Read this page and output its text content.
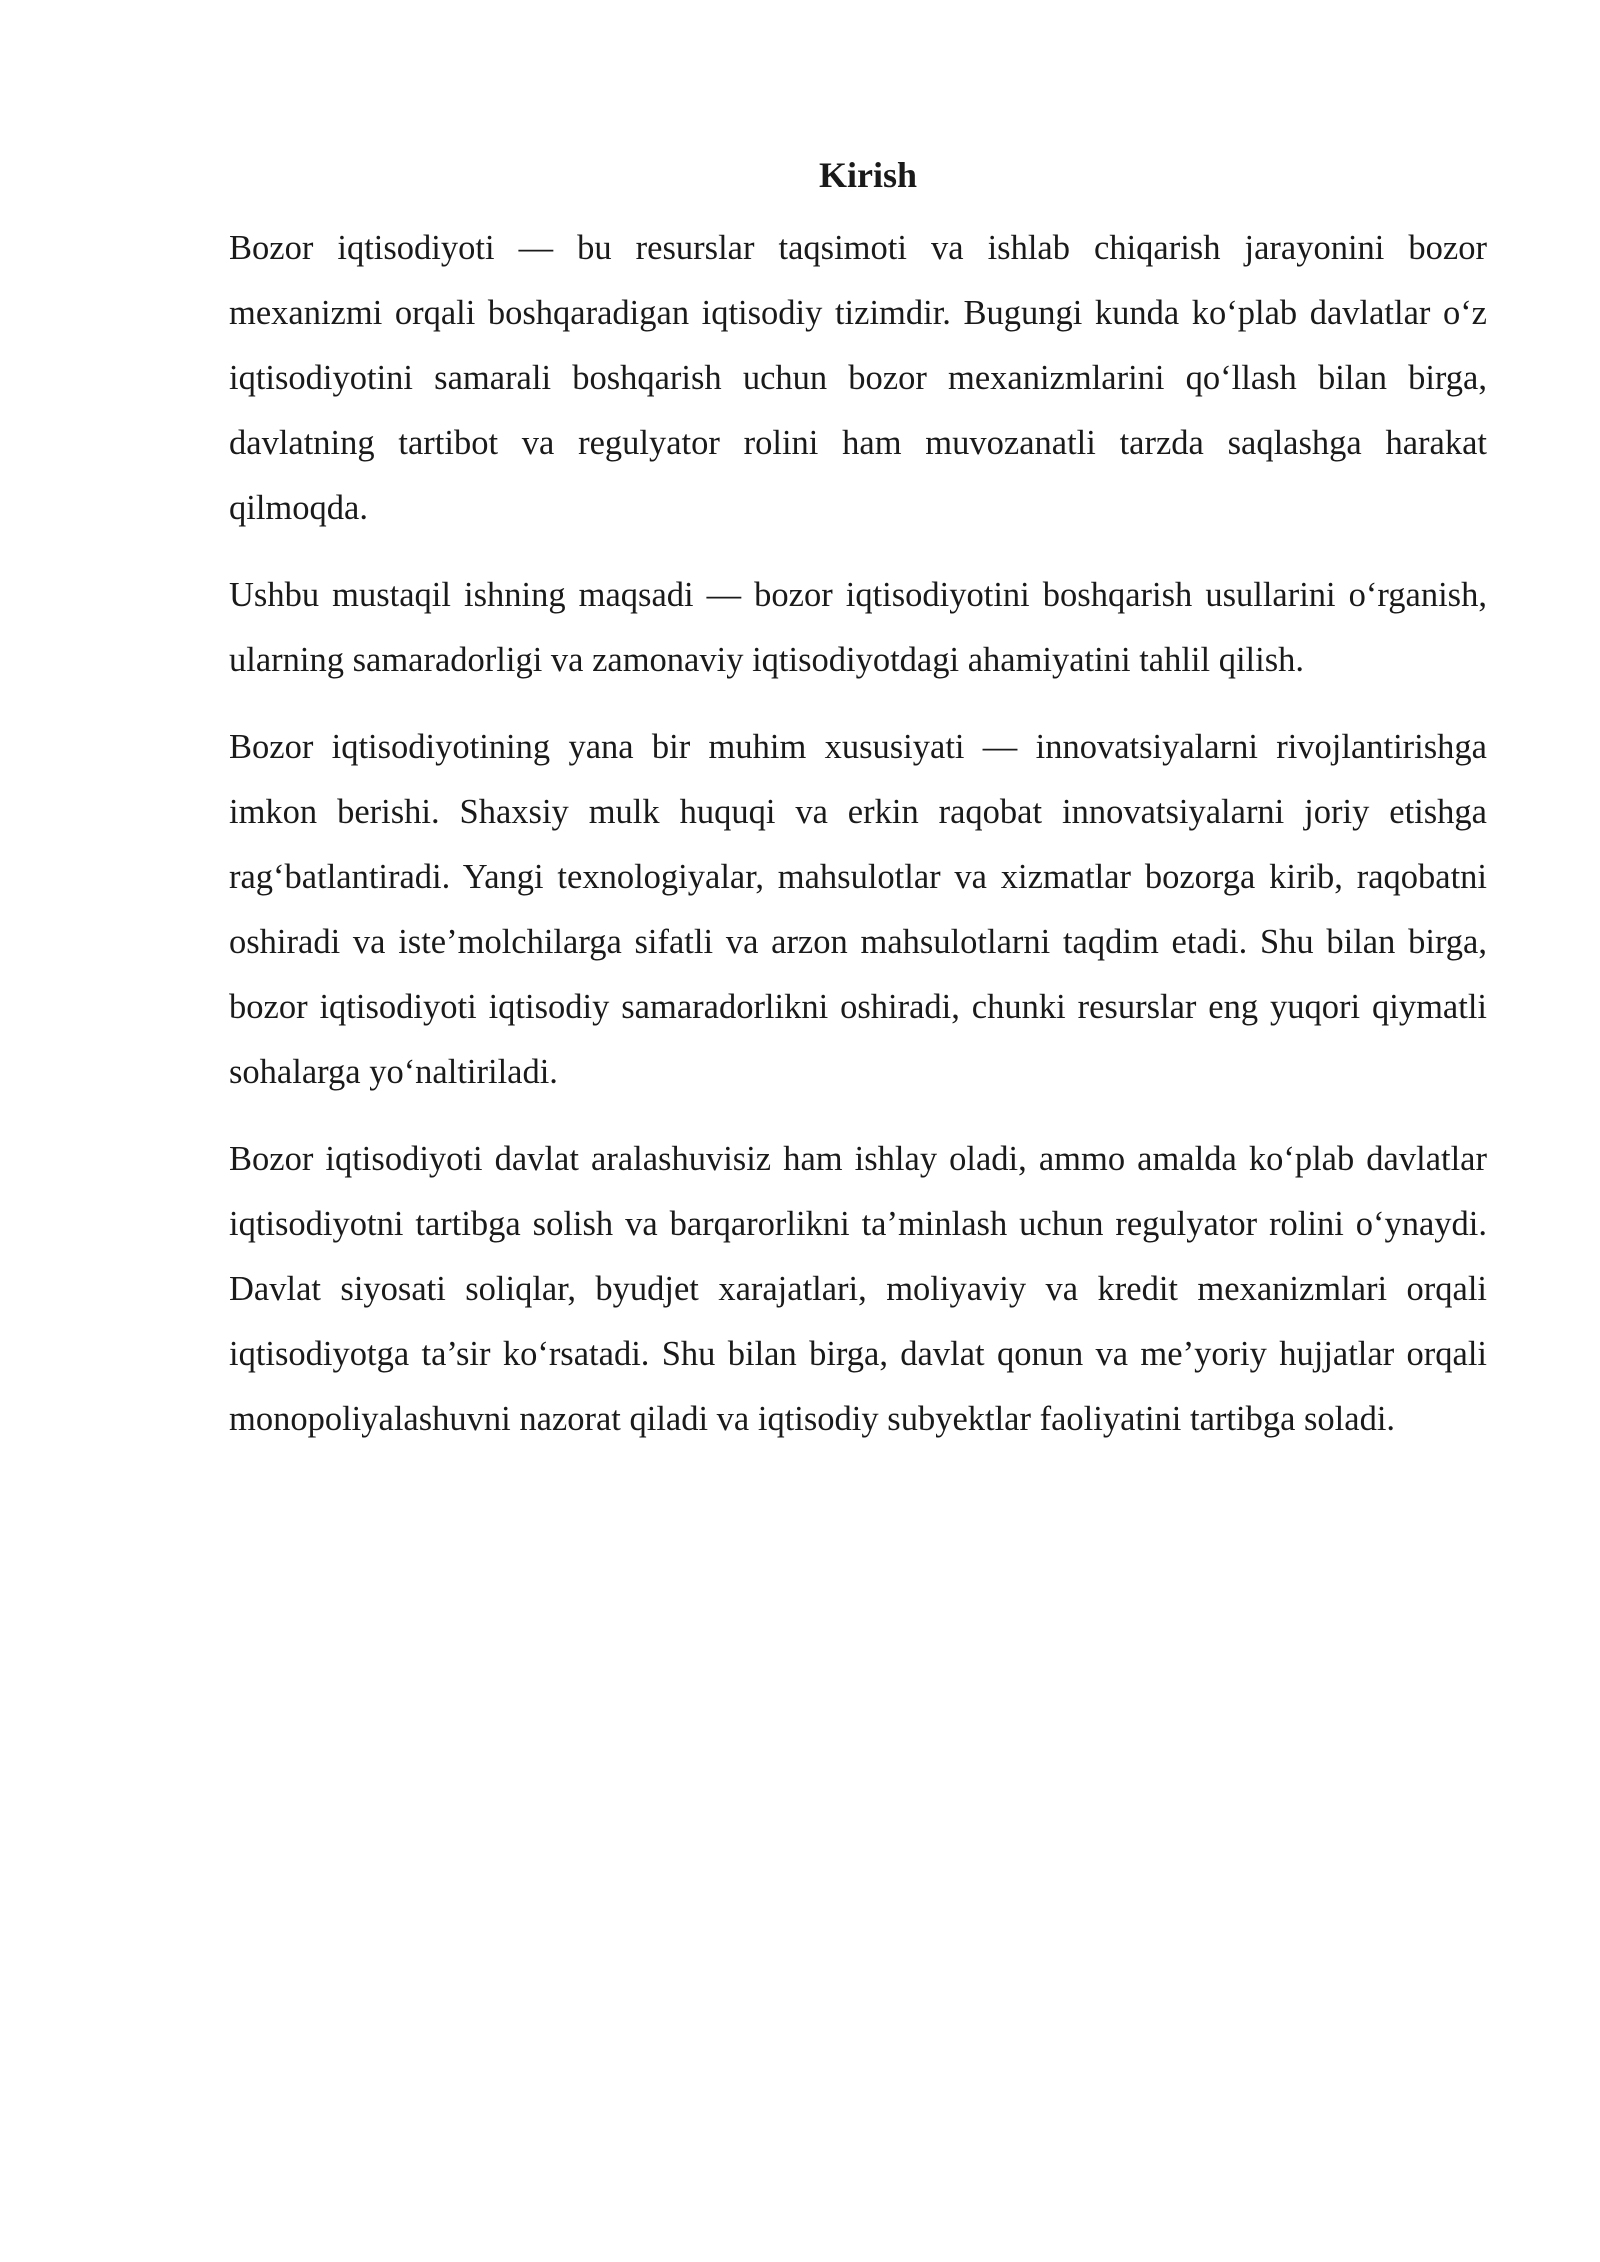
Kirish

Bozor iqtisodiyoti — bu resurslar taqsimoti va ishlab chiqarish jarayonini bozor mexanizmi orqali boshqaradigan iqtisodiy tizimdir. Bugungi kunda koʻplab davlatlar oʻz iqtisodiyotini samarali boshqarish uchun bozor mexanizmlarini qoʻllash bilan birga, davlatning tartibot va regulyator rolini ham muvozanatli tarzda saqlashga harakat qilmoqda.

Ushbu mustaqil ishning maqsadi — bozor iqtisodiyotini boshqarish usullarini oʻrganish, ularning samaradorligi va zamonaviy iqtisodiyotdagi ahamiyatini tahlil qilish.

Bozor iqtisodiyotining yana bir muhim xususiyati — innovatsiyalarni rivojlantirishga imkon berishi. Shaxsiy mulk huquqi va erkin raqobat innovatsiyalarni joriy etishga ragʻbatlantiradi. Yangi texnologiyalar, mahsulotlar va xizmatlar bozorga kirib, raqobatni oshiradi va iste’molchilarga sifatli va arzon mahsulotlarni taqdim etadi. Shu bilan birga, bozor iqtisodiyoti iqtisodiy samaradorlikni oshiradi, chunki resurslar eng yuqori qiymatli sohalarga yoʻnaltiriladi.

Bozor iqtisodiyoti davlat aralashuvisiz ham ishlay oladi, ammo amalda koʻplab davlatlar iqtisodiyotni tartibga solish va barqarorlikni ta’minlash uchun regulyator rolini oʻynaydi. Davlat siyosati soliqlar, byudjet xarajatlari, moliyaviy va kredit mexanizmlari orqali iqtisodiyotga ta’sir koʻrsatadi. Shu bilan birga, davlat qonun va me’yoriy hujjatlar orqali monopoliyalashuvni nazorat qiladi va iqtisodiy subyektlar faoliyatini tartibga soladi.
